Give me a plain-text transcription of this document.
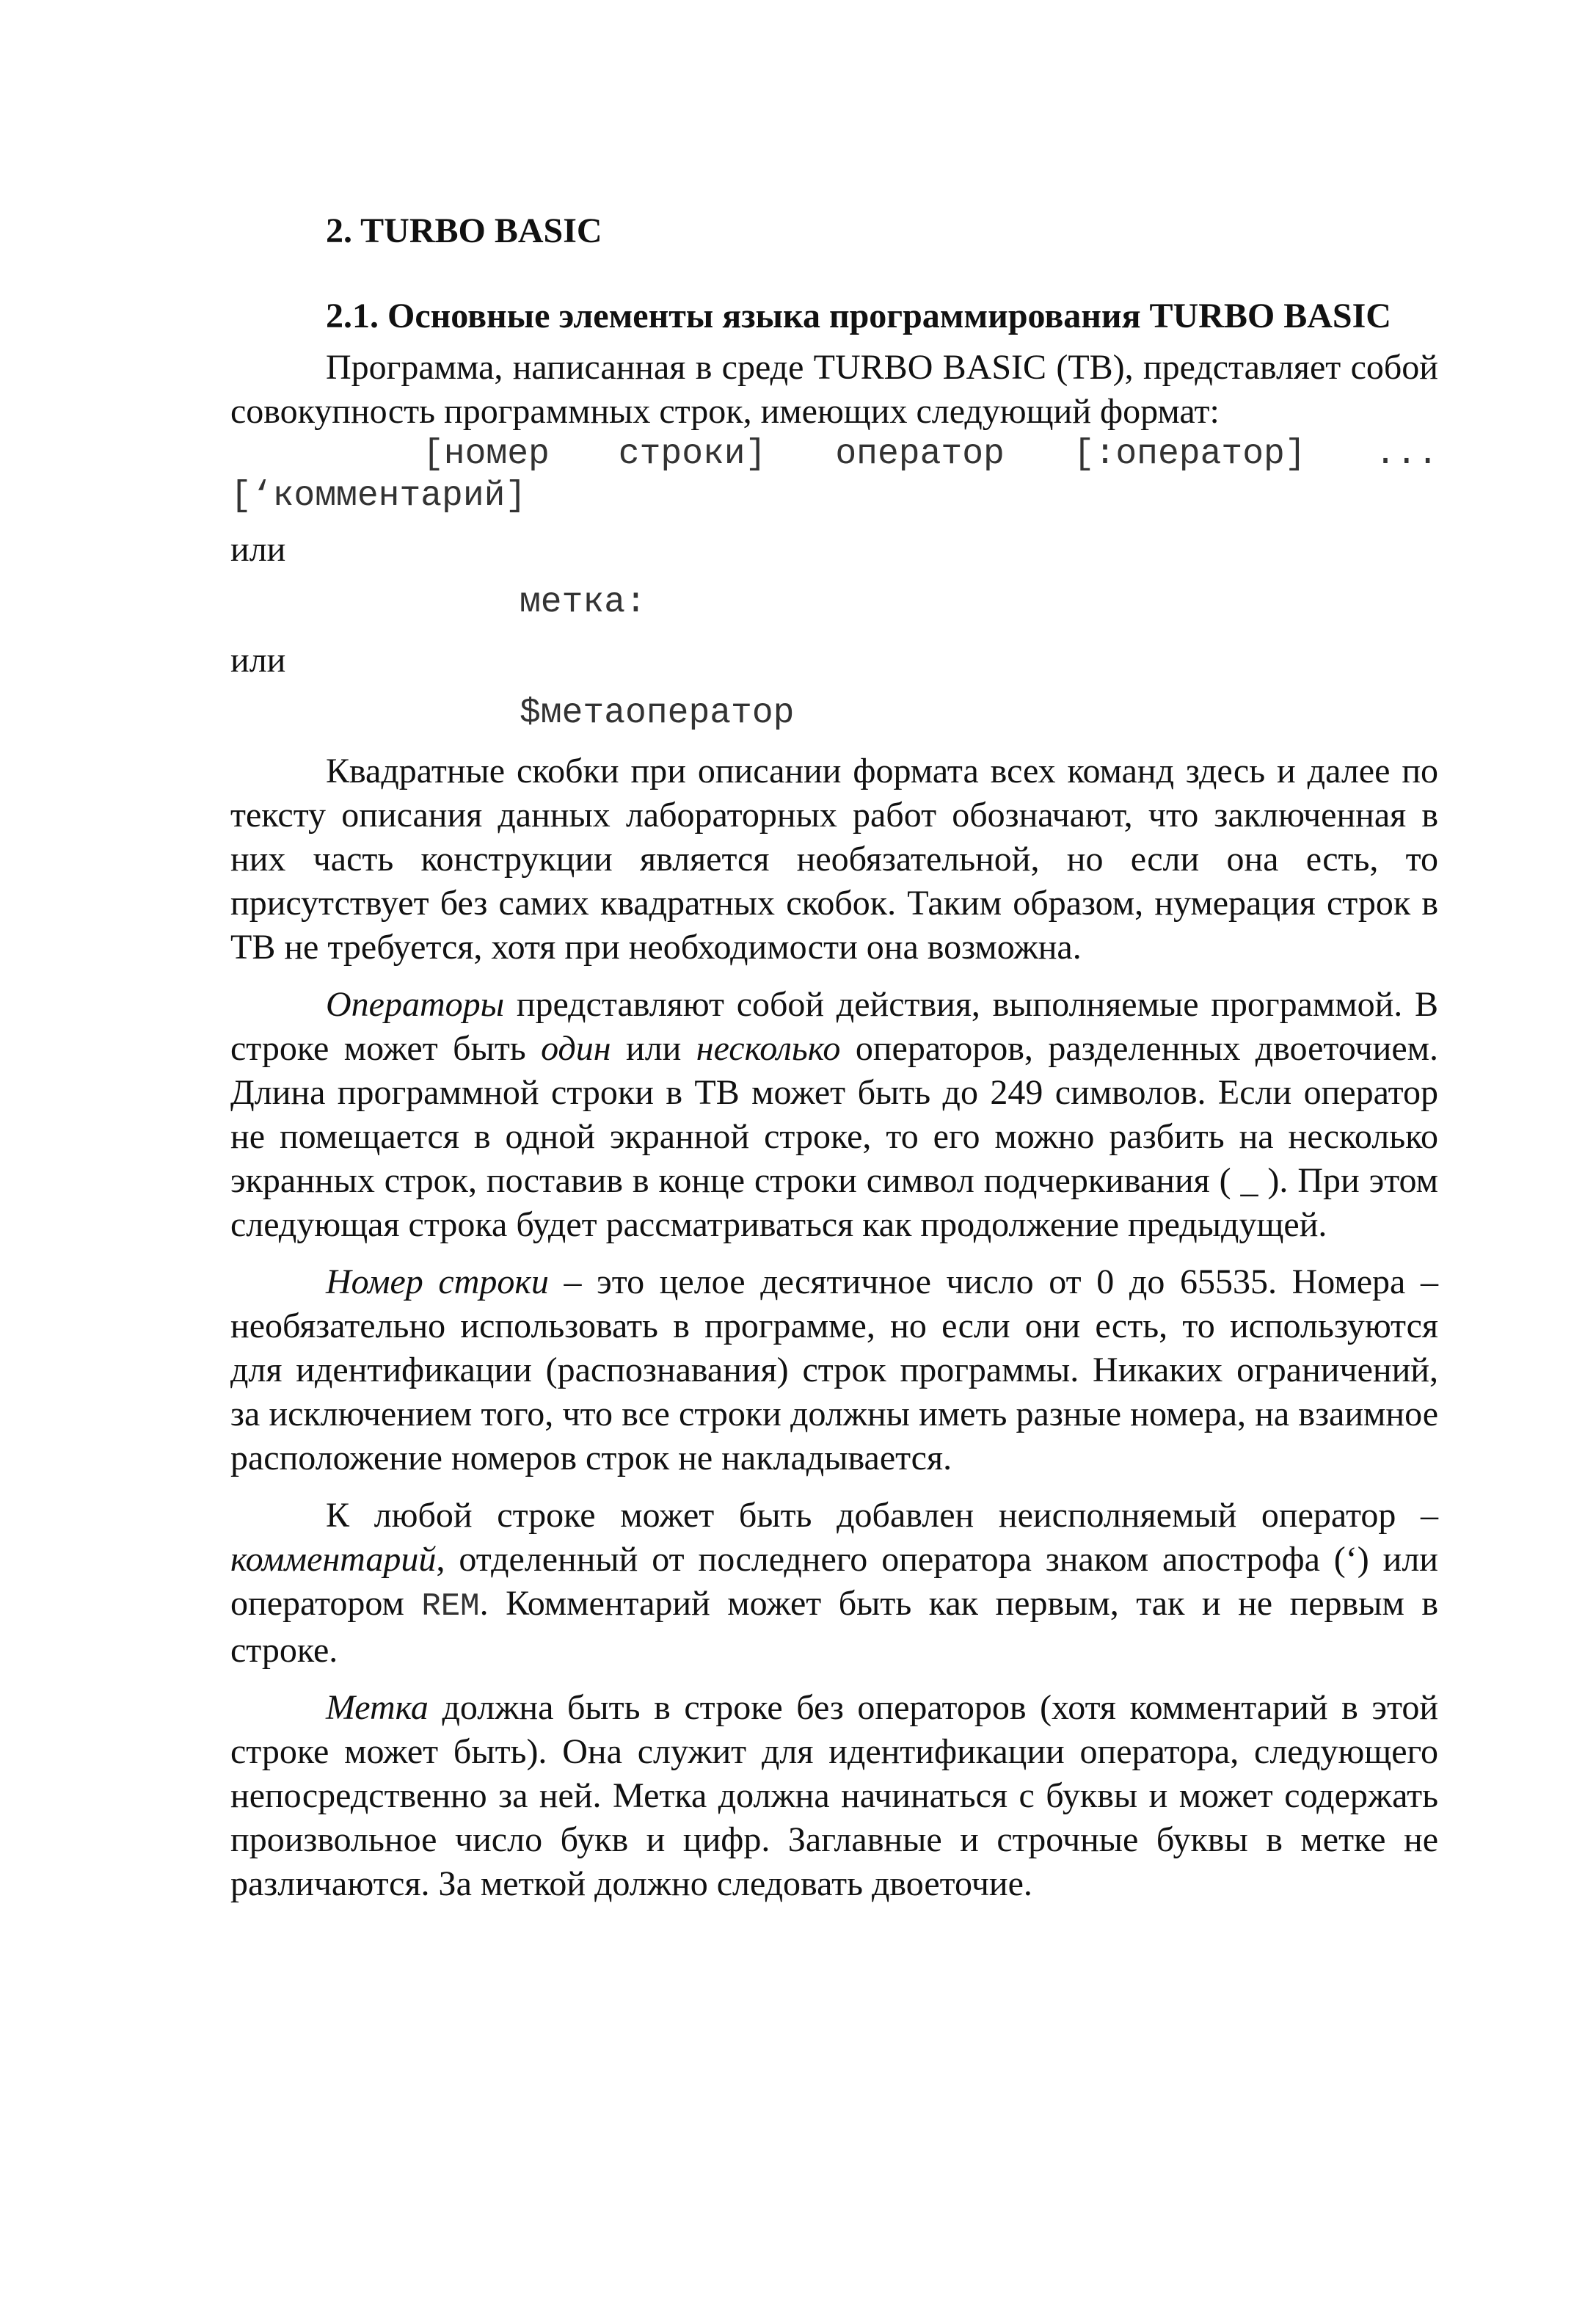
2. TURBO BASIC
2.1. Основные элементы языка программирования TURBO BASIC

Программа, написанная в среде TURBO BASIC (ТВ), представляет собой совокупность программных строк, имеющих следующий формат:

[номер строки] оператор [:оператор] ...
[‘комментарий]
или
метка:
или
$метаоператор

Квадратные скобки при описании формата всех команд здесь и далее по тексту описания данных лабораторных работ обозначают, что заключенная в них часть конструкции является необязательной, но если она есть, то присутствует без самих квадратных скобок. Таким образом, нумерация строк в ТВ не требуется, хотя при необходимости она возможна.

Операторы представляют собой действия, выполняемые программой. В строке может быть один или несколько операторов, разделенных двоеточием. Длина программной строки в ТВ может быть до 249 символов. Если оператор не помещается в одной экранной строке, то его можно разбить на несколько экранных строк, поставив в конце строки символ подчеркивания ( _ ). При этом следующая строка будет рассматриваться как продолжение предыдущей.

Номер строки – это целое десятичное число от 0 до 65535. Номера – необязательно использовать в программе, но если они есть, то используются для идентификации (распознавания) строк программы. Никаких ограничений, за исключением того, что все строки должны иметь разные номера, на взаимное расположение номеров строк не накладывается.

К любой строке может быть добавлен неисполняемый оператор – комментарий, отделенный от последнего оператора знаком апострофа (‘) или оператором REM. Комментарий может быть как первым, так и не первым в строке.

Метка должна быть в строке без операторов (хотя комментарий в этой строке может быть). Она служит для идентификации оператора, следующего непосредственно за ней. Метка должна начинаться с буквы и может содержать произвольное число букв и цифр. Заглавные и строчные буквы в метке не различаются. За меткой должно следовать двоеточие.
